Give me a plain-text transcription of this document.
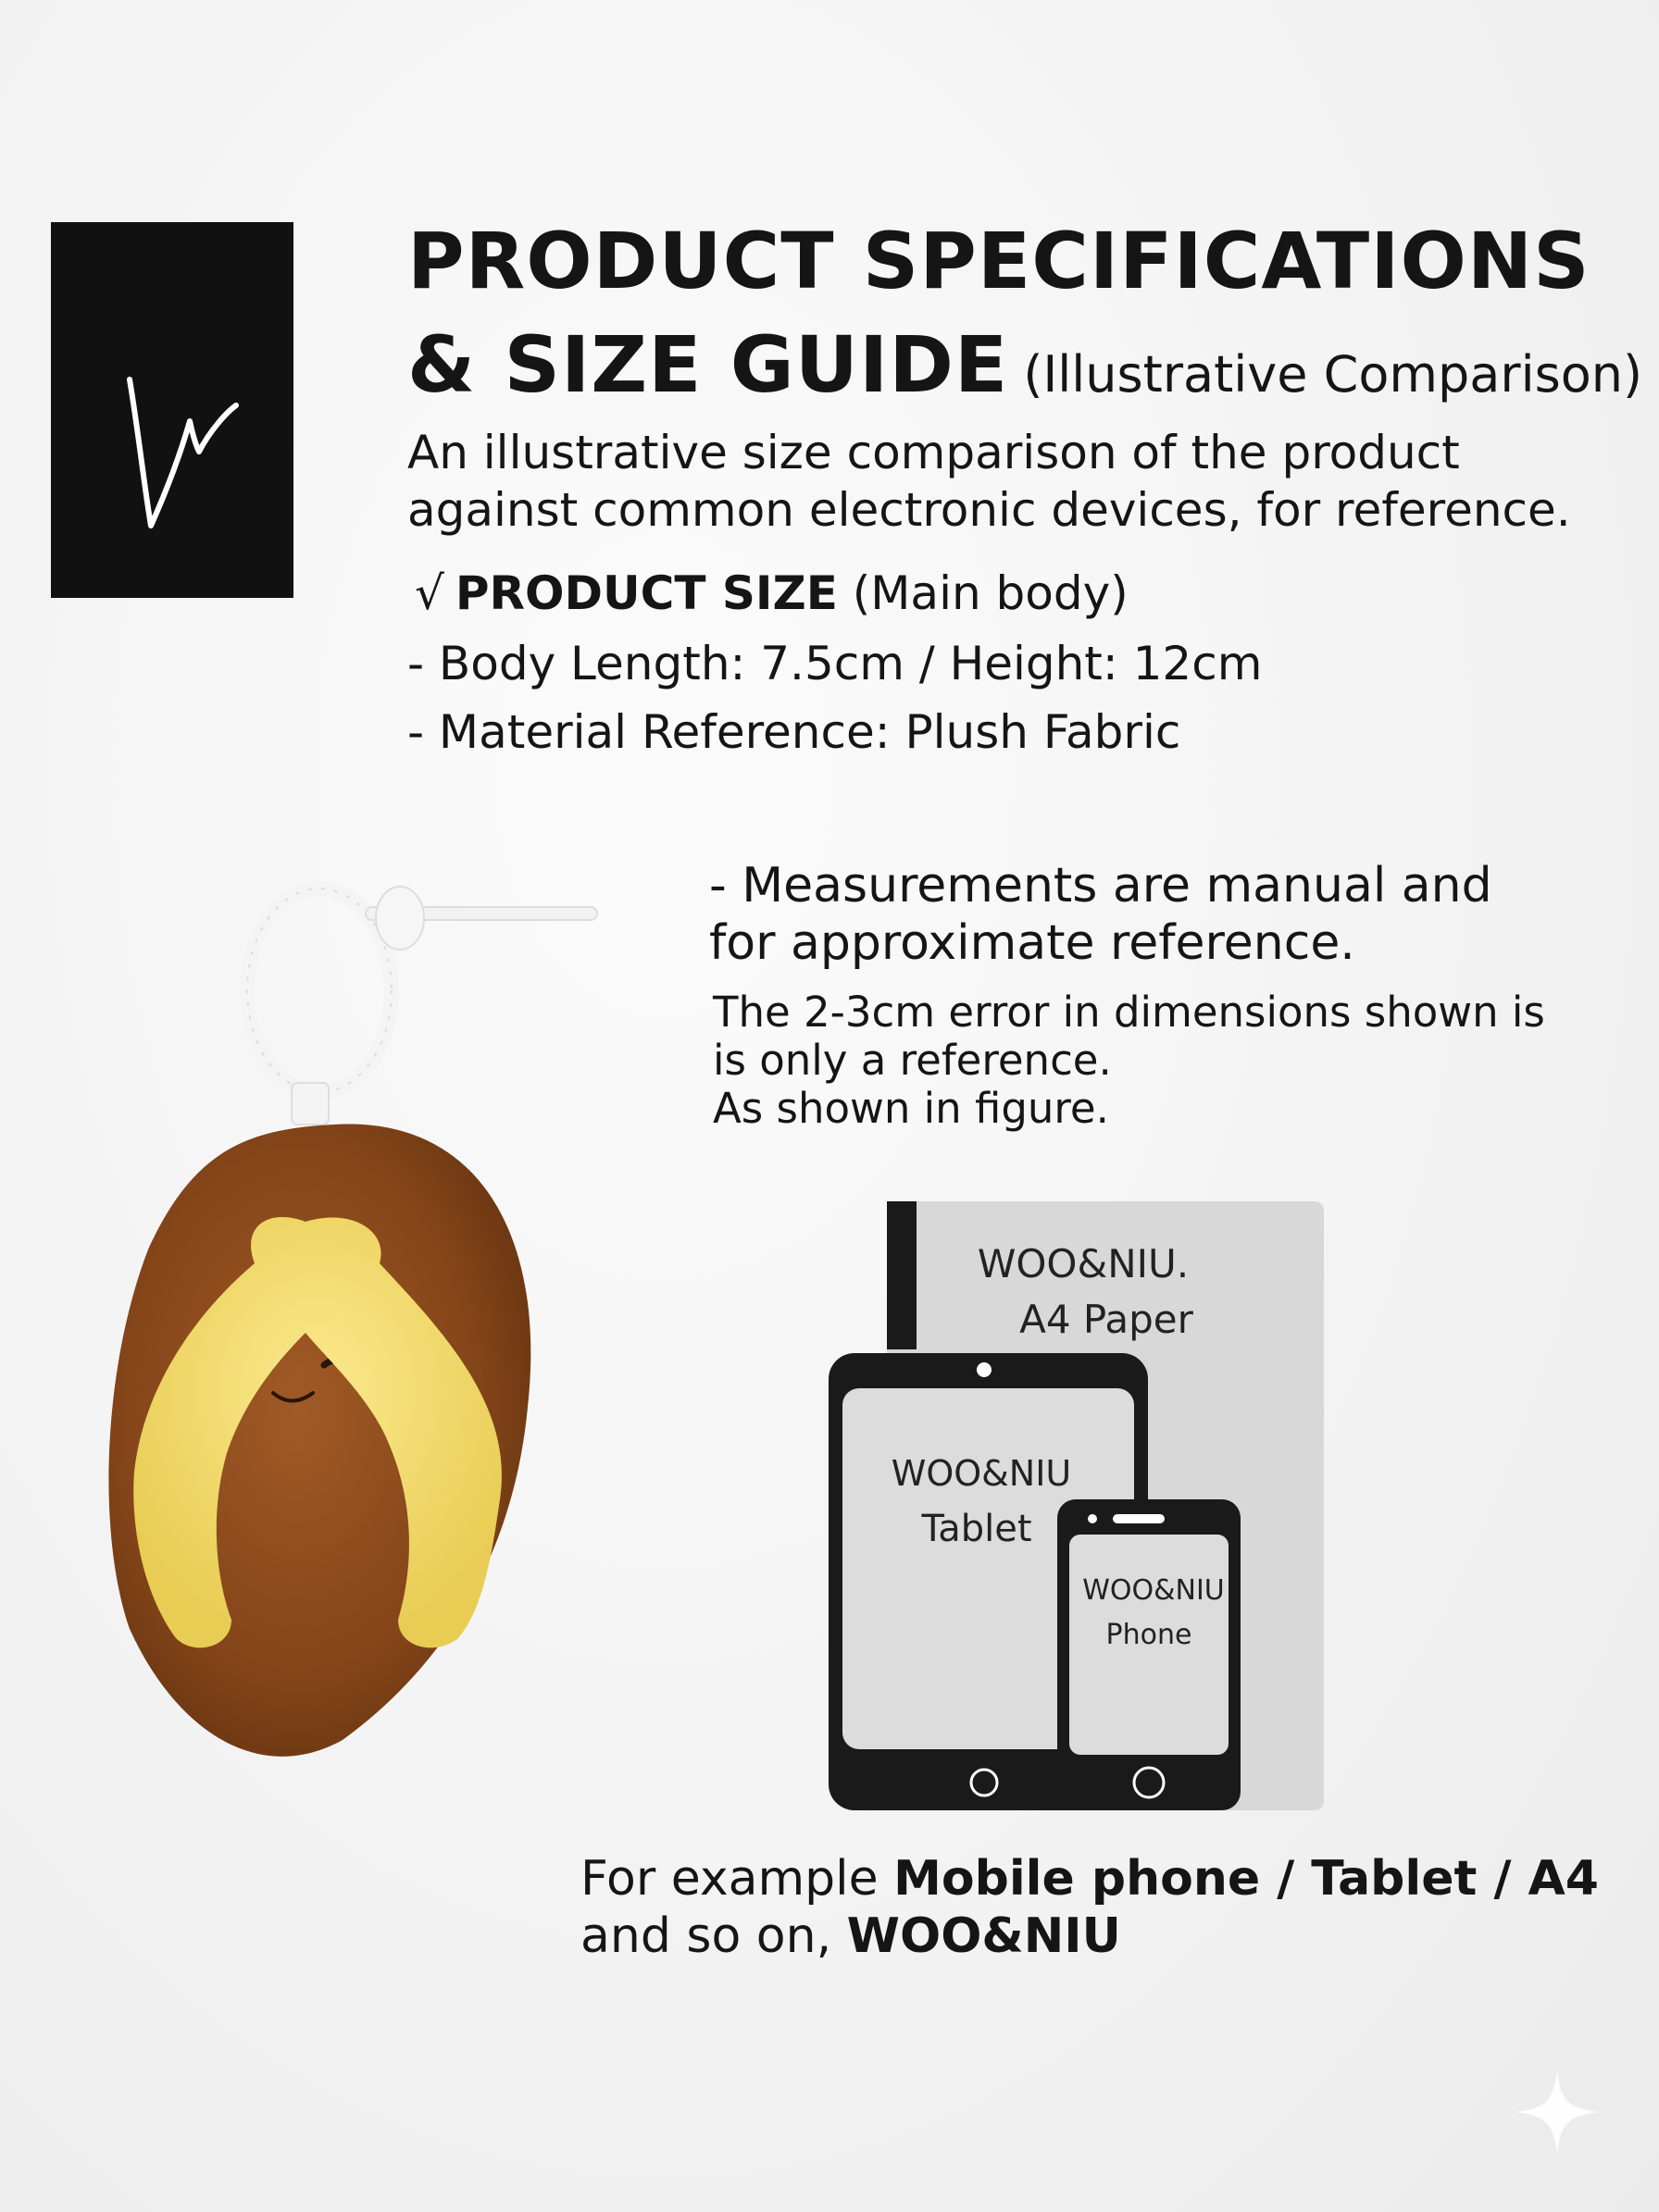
PRODUCT SPECIFICATIONS
& SIZE GUIDE (Illustrative Comparison)
An illustrative size comparison of the product against common electronic devices, for reference.
√ PRODUCT SIZE (Main body)
- Body Length: 7.5cm / Height: 12cm
- Material Reference: Plush Fabric
- Measurements are manual and for approximate reference.
The 2-3cm error in dimensions shown is
is only a reference.
As shown in figure.
WOO&NIU.
A4 Paper
WOO&NIU
Tablet
WOO&NIU
Phone
For example Mobile phone / Tablet / A4
and so on, WOO&NIU
